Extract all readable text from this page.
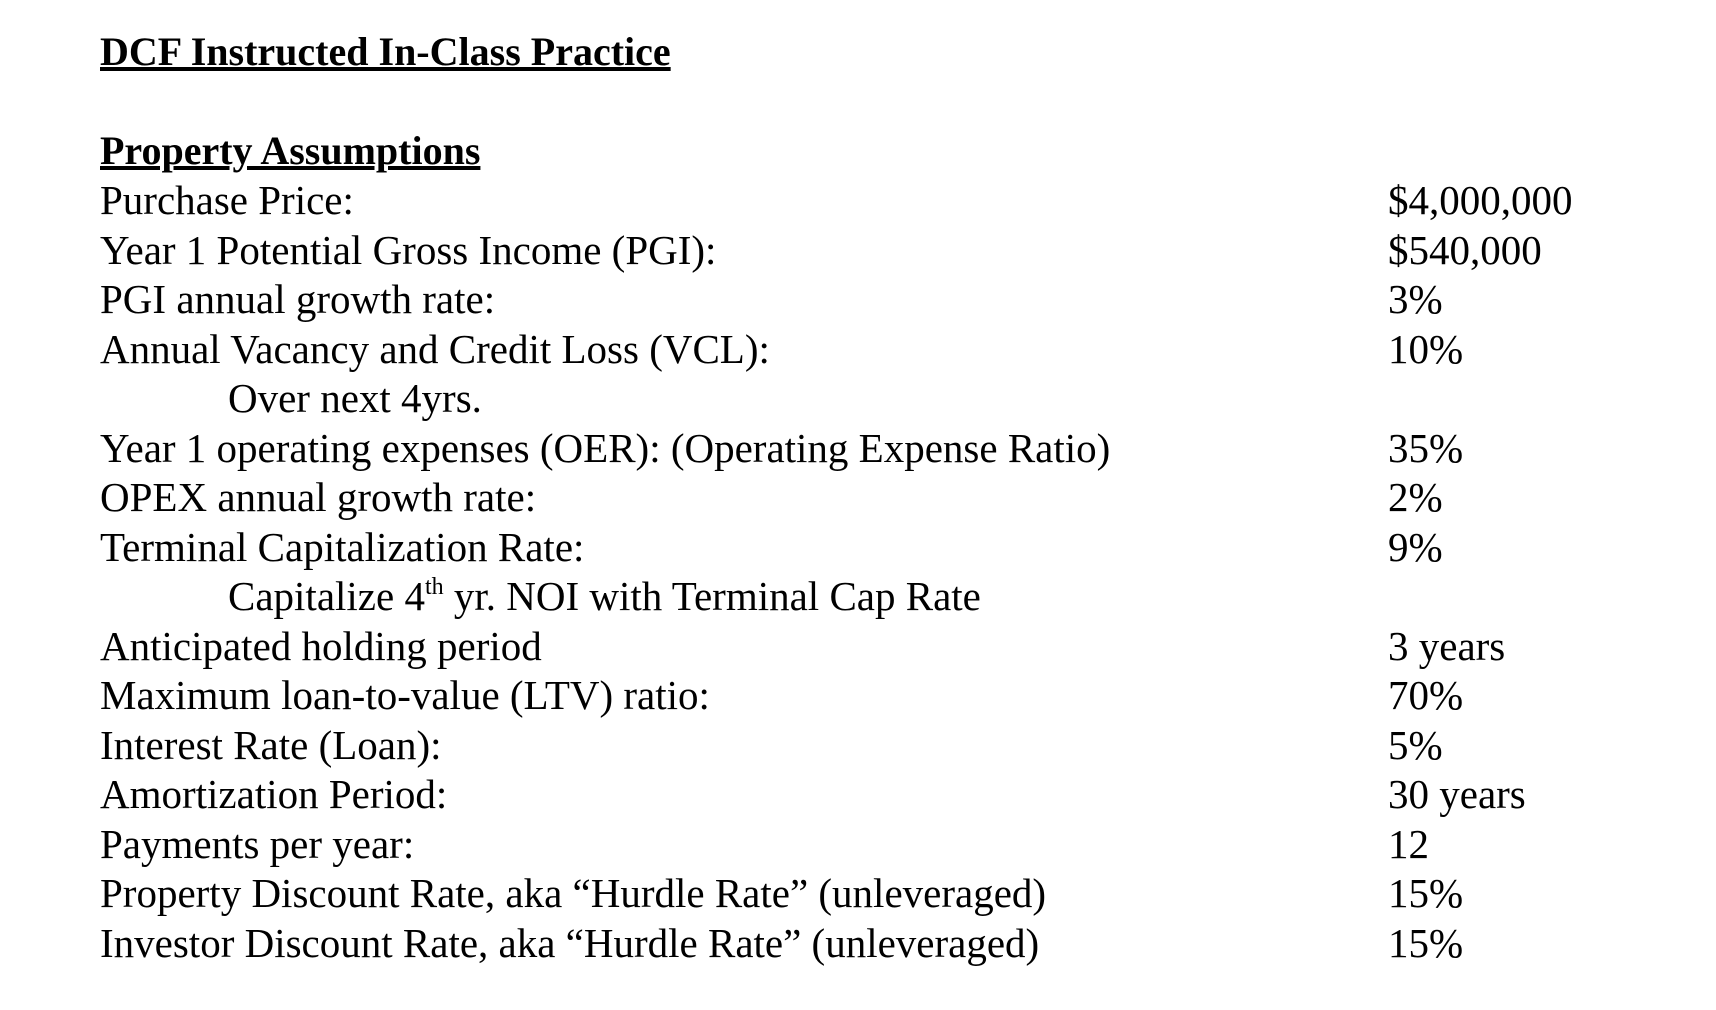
DCF Instructed In-Class Practice
Property Assumptions
Purchase Price:	$4,000,000
Year 1 Potential Gross Income (PGI):	$540,000
PGI annual growth rate:	3%
Annual Vacancy and Credit Loss (VCL):	10%
Over next 4yrs.
Year 1 operating expenses (OER): (Operating Expense Ratio)	35%
OPEX annual growth rate:	2%
Terminal Capitalization Rate:	9%
Capitalize 4th yr. NOI with Terminal Cap Rate
Anticipated holding period	3 years
Maximum loan-to-value (LTV) ratio:	70%
Interest Rate (Loan):	5%
Amortization Period:	30 years
Payments per year:	12
Property Discount Rate, aka “Hurdle Rate” (unleveraged)	15%
Investor Discount Rate, aka “Hurdle Rate” (unleveraged)	15%
